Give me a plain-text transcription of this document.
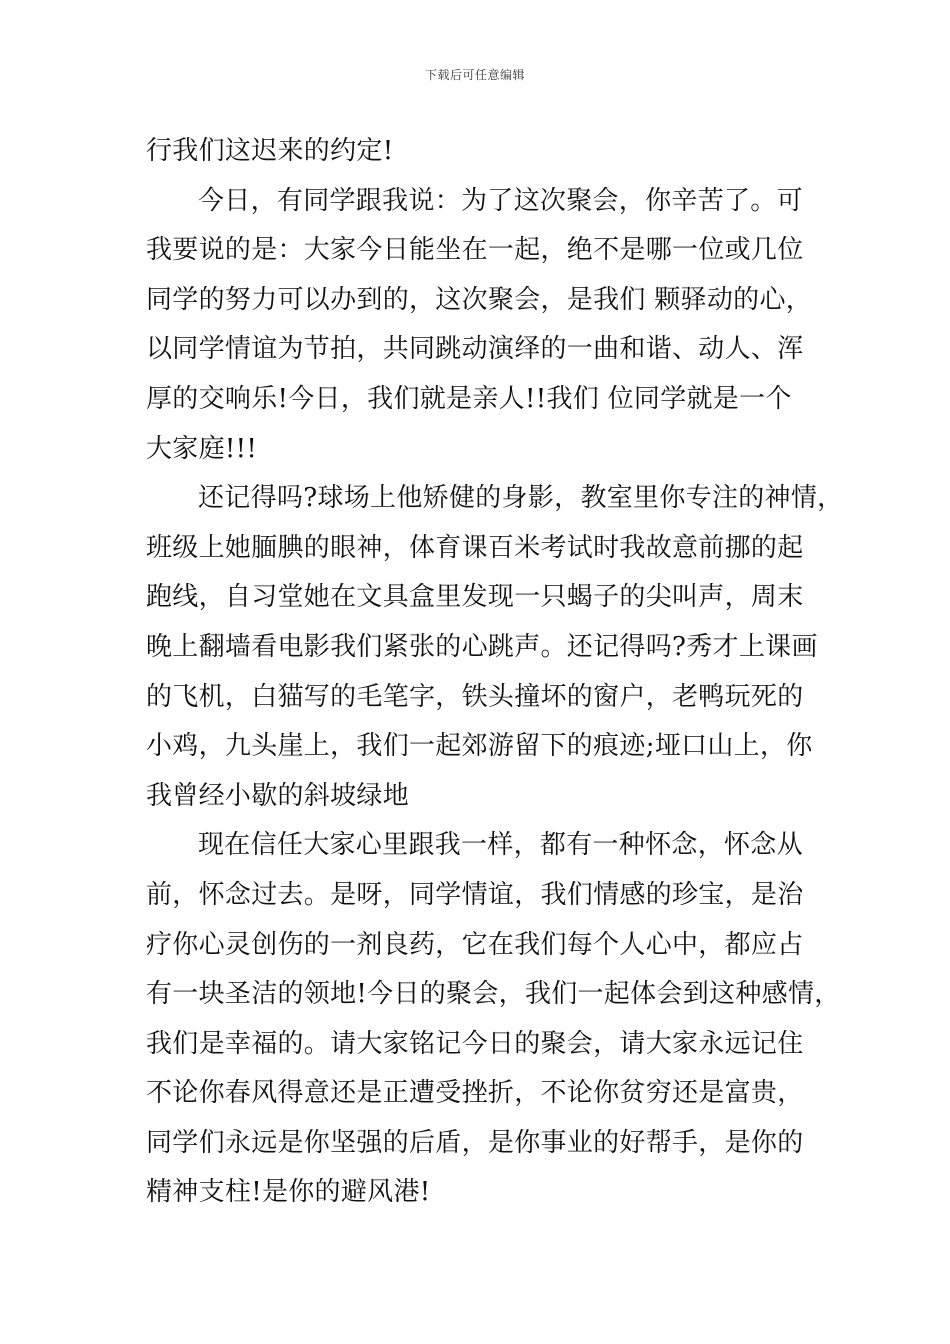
下载后可任意编辑
行我们这迟来的约定!
今日，有同学跟我说：为了这次聚会，你辛苦了。可
我要说的是：大家今日能坐在一起，绝不是哪一位或几位
同学的努力可以办到的，这次聚会，是我们 颗驿动的心，
以同学情谊为节拍，共同跳动演绎的一曲和谐、动人、浑
厚的交响乐!今日，我们就是亲人!!我们 位同学就是一个
大家庭!!!
还记得吗?球场上他矫健的身影，教室里你专注的神情，
班级上她腼腆的眼神，体育课百米考试时我故意前挪的起
跑线，自习堂她在文具盒里发现一只蝎子的尖叫声，周末
晚上翻墙看电影我们紧张的心跳声。还记得吗?秀才上课画
的飞机，白猫写的毛笔字，铁头撞坏的窗户，老鸭玩死的
小鸡，九头崖上，我们一起郊游留下的痕迹;垭口山上，你
我曾经小歇的斜坡绿地
现在信任大家心里跟我一样，都有一种怀念，怀念从
前，怀念过去。是呀，同学情谊，我们情感的珍宝，是治
疗你心灵创伤的一剂良药，它在我们每个人心中，都应占
有一块圣洁的领地!今日的聚会，我们一起体会到这种感情，
我们是幸福的。请大家铭记今日的聚会，请大家永远记住
不论你春风得意还是正遭受挫折，不论你贫穷还是富贵，
同学们永远是你坚强的后盾，是你事业的好帮手，是你的
精神支柱!是你的避风港!
